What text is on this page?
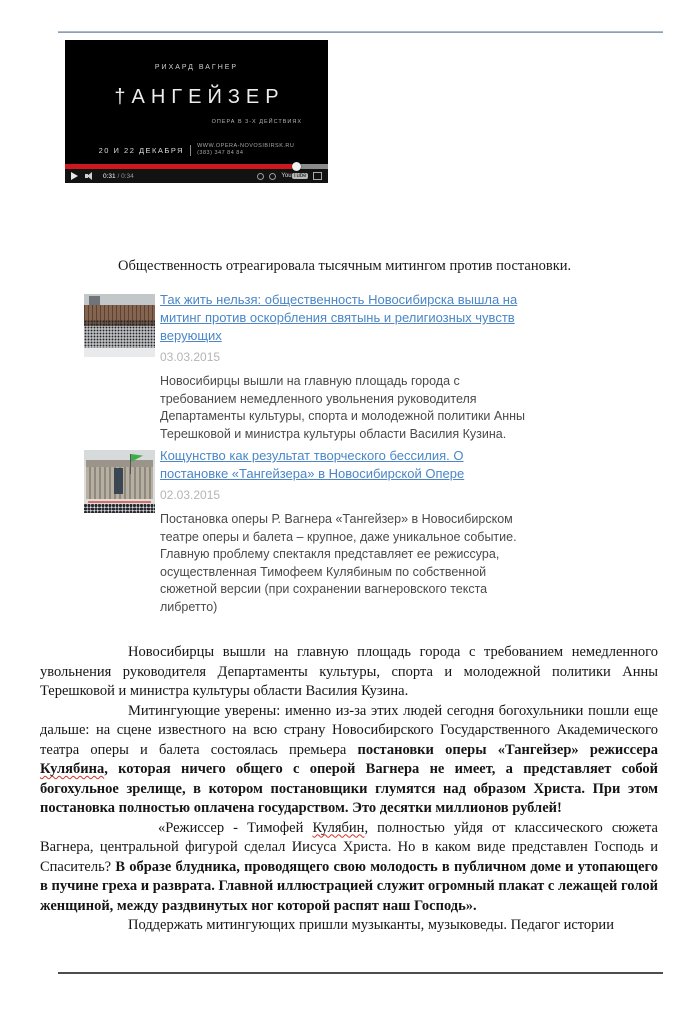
РИХАРД ВАГНЕР
†АНГЕЙЗЕР
ОПЕРА В 3-Х ДЕЙСТВИЯХ
20 И 22 ДЕКАБРЯ WWW.OPERA-NOVOSIBIRSK.RU
(383) 347 84 84
0:31 / 0:34	You Tube

Общественность отреагировала тысячным митингом против постановки.

Так жить нельзя: общественность Новосибирска вышла на митинг против оскорбления святынь и религиозных чувств верующих
03.03.2015
Новосибирцы вышли на главную площадь города с требованием немедленного увольнения руководителя Департаменты культуры, спорта и молодежной политики Анны Терешковой и министра культуры области Василия Кузина.
Кощунство как результат творческого бессилия. О постановке «Тангейзера» в Новосибирской Опере
02.03.2015
Постановка оперы Р. Вагнера «Тангейзер» в Новосибирском театре оперы и балета – крупное, даже уникальное событие. Главную проблему спектакля представляет ее режиссура, осуществленная Тимофеем Кулябиным по собственной сюжетной версии (при сохранении вагнеровского текста либретто)

Новосибирцы вышли на главную площадь города с требованием немедленного увольнения руководителя Департаменты культуры, спорта и молодежной политики Анны Терешковой и министра культуры области Василия Кузина.

Митингующие уверены: именно из-за этих людей сегодня богохульники пошли еще дальше: на сцене известного на всю страну Новосибирского Государственного Академического театра оперы и балета состоялась премьера постановки оперы «Тангейзер» режиссера Кулябина, которая ничего общего с оперой Вагнера не имеет, а представляет собой богохульное зрелище, в котором постановщики глумятся над образом Христа. При этом постановка полностью оплачена государством. Это десятки миллионов рублей!

«Режиссер - Тимофей Кулябин, полностью уйдя от классического сюжета Вагнера, центральной фигурой сделал Иисуса Христа. Но в каком виде представлен Господь и Спаситель? В образе блудника, проводящего свою молодость в публичном доме и утопающего в пучине греха и разврата. Главной иллюстрацией служит огромный плакат с лежащей голой женщиной, между раздвинутых ног которой распят наш Господь».

Поддержать митингующих пришли музыканты, музыковеды. Педагог истории
